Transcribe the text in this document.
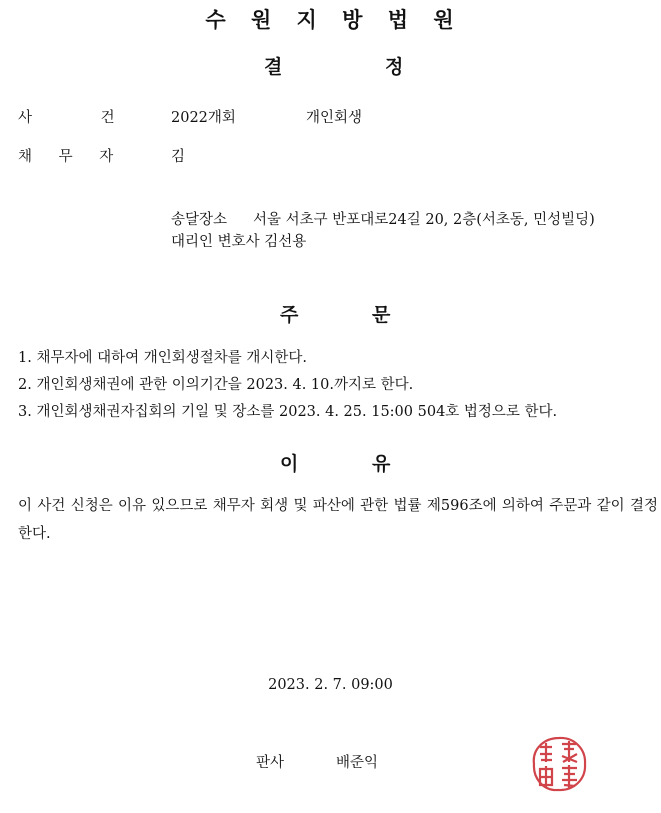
수 원 지 방 법 원
결	정
사 건	2022개회	개인회생
채 무 자	김
송달장소 서울 서초구 반포대로24길 20, 2층(서초동, 민성빌딩)
대리인 변호사 김선용
주	문
1. 채무자에 대하여 개인회생절차를 개시한다.
2. 개인회생채권에 관한 이의기간을 2023. 4. 10.까지로 한다.
3. 개인회생채권자집회의 기일 및 장소를 2023. 4. 25. 15:00 504호 법정으로 한다.
이	유
이 사건 신청은 이유 있으므로 채무자 회생 및 파산에 관한 법률 제596조에 의하여 주문과 같이 결정한다.
2023. 2. 7. 09:00
판사	배준익
